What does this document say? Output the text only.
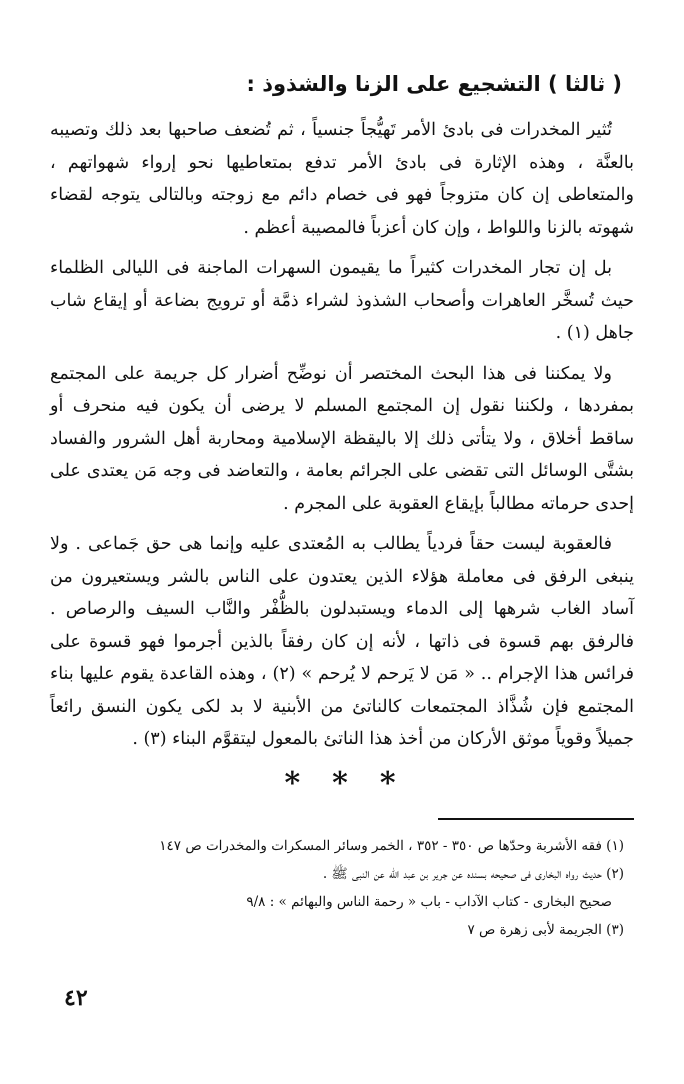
( ثالثا ) التشجيع على الزنا والشذوذ :

تُثير المخدرات فى بادئ الأمر تَهيُّجاً جنسياً ، ثم تُضعف صاحبها بعد ذلك وتصيبه بالعنَّة ، وهذه الإثارة فى بادئ الأمر تدفع بمتعاطيها نحو إرواء شهواتهم ، والمتعاطى إن كان متزوجاً فهو فى خصام دائم مع زوجته وبالتالى يتوجه لقضاء شهوته بالزنا واللواط ، وإن كان أعزباً فالمصيبة أعظم .

بل إن تجار المخدرات كثيراً ما يقيمون السهرات الماجنة فى الليالى الظلماء حيث تُسخَّر العاهرات وأصحاب الشذوذ لشراء ذمَّة أو ترويج بضاعة أو إيقاع شاب جاهل (١) .

ولا يمكننا فى هذا البحث المختصر أن نوضِّح أضرار كل جريمة على المجتمع بمفردها ، ولكننا نقول إن المجتمع المسلم لا يرضى أن يكون فيه منحرف أو ساقط أخلاق ، ولا يتأتى ذلك إلا باليقظة الإسلامية ومحاربة أهل الشرور والفساد بشتَّى الوسائل التى تقضى على الجرائم بعامة ، والتعاضد فى وجه مَن يعتدى على إحدى حرماته مطالباً بإيقاع العقوبة على المجرم .

فالعقوبة ليست حقاً فردياً يطالب به المُعتدى عليه وإنما هى حق جَماعى . ولا ينبغى الرفق فى معاملة هؤلاء الذين يعتدون على الناس بالشر ويستعيرون من آساد الغاب شرهها إلى الدماء ويستبدلون بالظُّفْر والنَّاب السيف والرصاص . فالرفق بهم قسوة فى ذاتها ، لأنه إن كان رفقاً بالذين أجرموا فهو قسوة على فرائس هذا الإجرام .. « مَن لا يَرحم لا يُرحم » (٢) ، وهذه القاعدة يقوم عليها بناء المجتمع فإن شُذَّاذ المجتمعات كالناتئ من الأبنية لا بد لكى يكون النسق رائعاً جميلاً وقوياً موثق الأركان من أخذ هذا الناتئ بالمعول ليتقوَّم البناء (٣) .

***
(١) فقه الأشربة وحدّها ص ٣٥٠ - ٣٥٢ ، الخمر وسائر المسكرات والمخدرات ص ١٤٧
(٢) حديث رواه البخارى فى صحيحه بسنده عن جرير بن عبد الله عن النبى ﷺ .
صحيح البخارى - كتاب الآداب - باب « رحمة الناس والبهائم » : ٩/٨
(٣) الجريمة لأبى زهرة ص ٧
٤٢
